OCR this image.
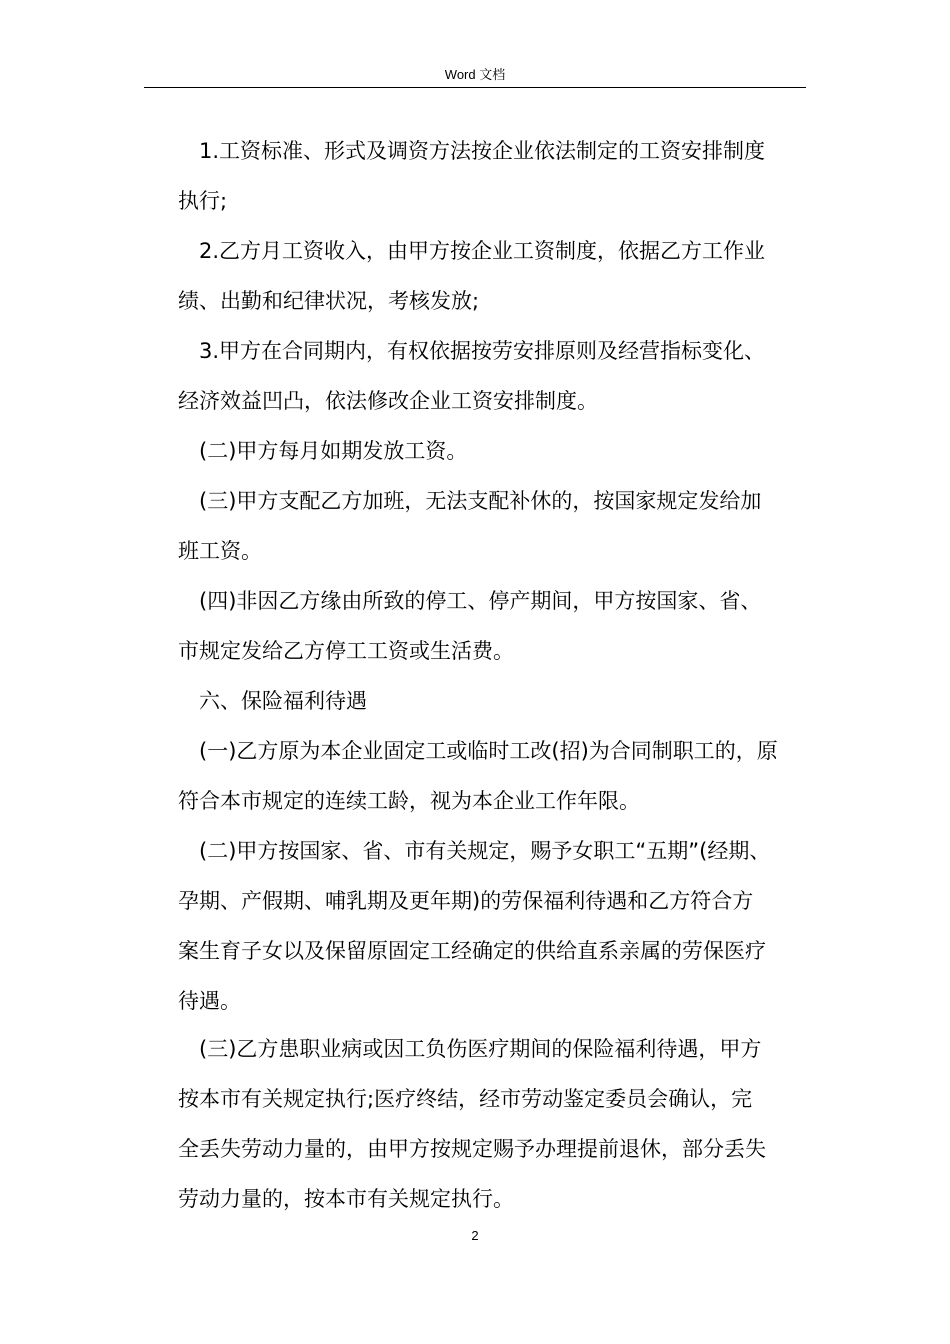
Word 文档
1.工资标准、形式及调资方法按企业依法制定的工资安排制度
执行;
2.乙方月工资收入，由甲方按企业工资制度，依据乙方工作业
绩、出勤和纪律状况，考核发放;
3.甲方在合同期内，有权依据按劳安排原则及经营指标变化、
经济效益凹凸，依法修改企业工资安排制度。
(二)甲方每月如期发放工资。
(三)甲方支配乙方加班，无法支配补休的，按国家规定发给加
班工资。
(四)非因乙方缘由所致的停工、停产期间，甲方按国家、省、
市规定发给乙方停工工资或生活费。
六、保险福利待遇
(一)乙方原为本企业固定工或临时工改(招)为合同制职工的，原
符合本市规定的连续工龄，视为本企业工作年限。
(二)甲方按国家、省、市有关规定，赐予女职工“五期”(经期、
孕期、产假期、哺乳期及更年期)的劳保福利待遇和乙方符合方
案生育子女以及保留原固定工经确定的供给直系亲属的劳保医疗
待遇。
(三)乙方患职业病或因工负伤医疗期间的保险福利待遇，甲方
按本市有关规定执行;医疗终结，经市劳动鉴定委员会确认，完
全丢失劳动力量的，由甲方按规定赐予办理提前退休，部分丢失
劳动力量的，按本市有关规定执行。
2
